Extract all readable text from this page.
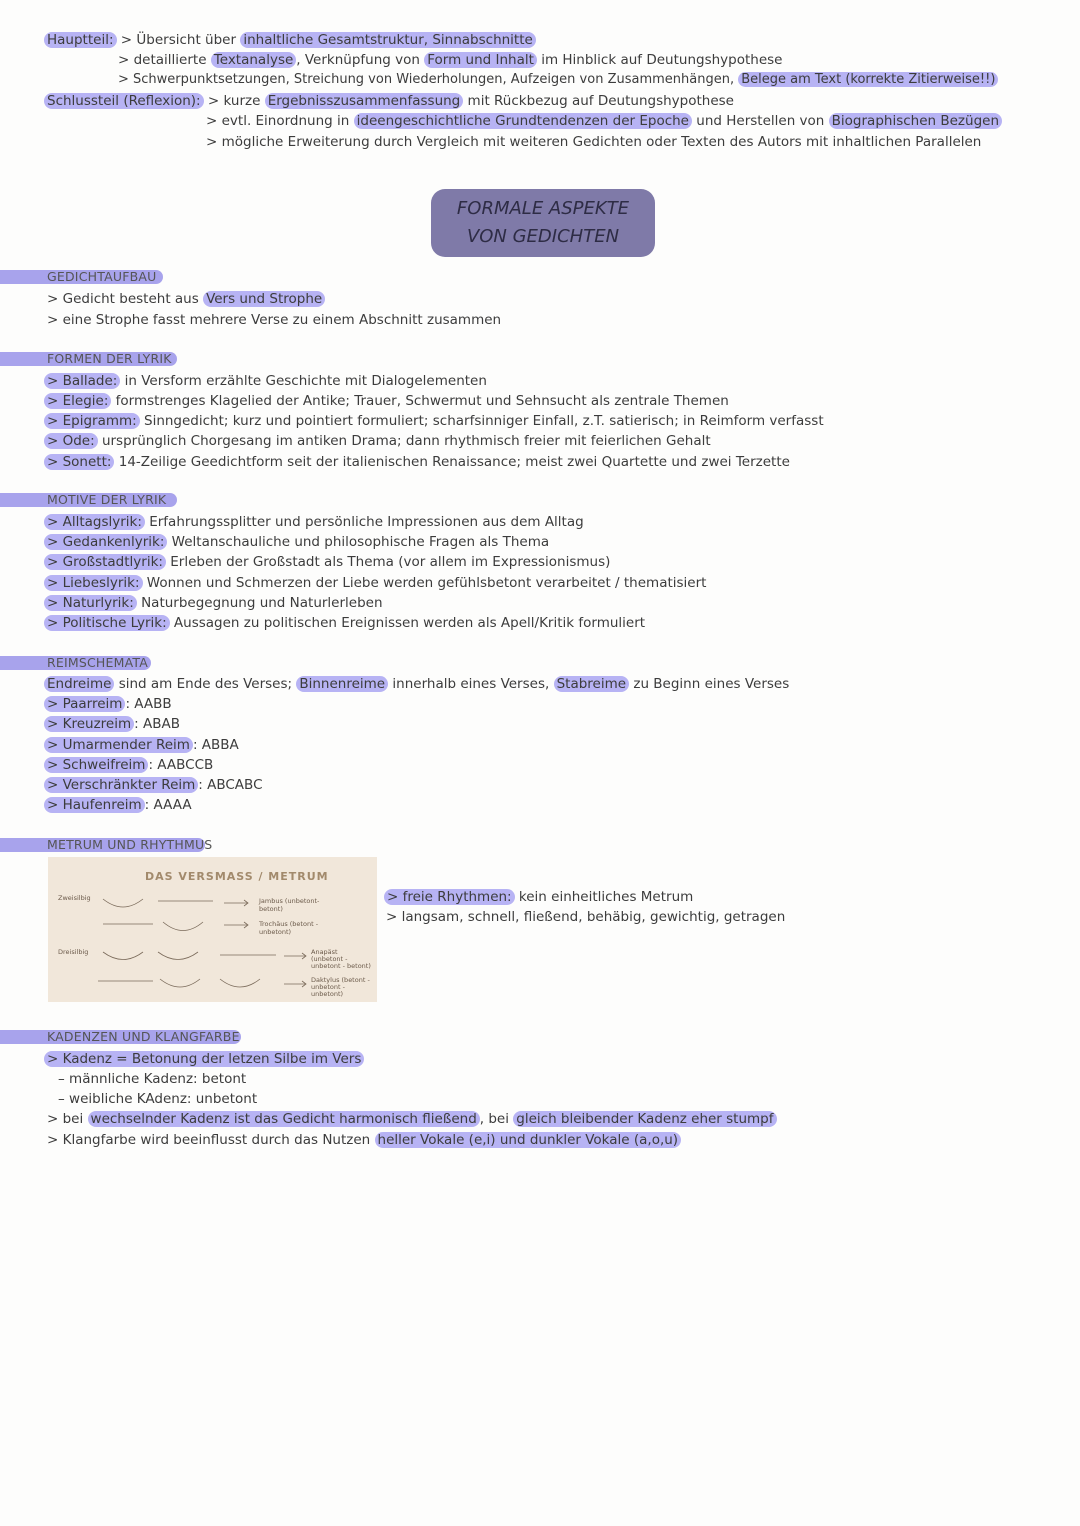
Hauptteil: > Übersicht über inhaltliche Gesamtstruktur, Sinnabschnitte
> detaillierte Textanalyse , Verknüpfung von Form und Inhalt im Hinblick auf Deutungshypothese
> Schwerpunktsetzungen, Streichung von Wiederholungen, Aufzeigen von Zusammenhängen, Belege am Text (korrekte Zitierweise!!)
Schlussteil (Reflexion): > kurze Ergebnisszusammenfassung mit Rückbezug auf Deutungshypothese
> evtl. Einordnung in ideengeschichtliche Grundtendenzen der Epoche und Herstellen von Biographischen Bezügen
> mögliche Erweiterung durch Vergleich mit weiteren Gedichten oder Texten des Autors mit inhaltlichen Parallelen
FORMALE ASPEKTE
VON GEDICHTEN
GEDICHTAUFBAU
> Gedicht besteht aus Vers und Strophe
> eine Strophe fasst mehrere Verse zu einem Abschnitt zusammen
FORMEN DER LYRIK
> Ballade: in Versform erzählte Geschichte mit Dialogelementen
> Elegie: formstrenges Klagelied der Antike; Trauer, Schwermut und Sehnsucht als zentrale Themen
> Epigramm: Sinngedicht; kurz und pointiert formuliert; scharfsinniger Einfall, z.T. satierisch; in Reimform verfasst
> Ode: ursprünglich Chorgesang im antiken Drama; dann rhythmisch freier mit feierlichen Gehalt
> Sonett: 14-Zeilige Geedichtform seit der italienischen Renaissance; meist zwei Quartette und zwei Terzette
MOTIVE DER LYRIK
> Alltagslyrik: Erfahrungssplitter und persönliche Impressionen aus dem Alltag
> Gedankenlyrik: Weltanschauliche und philosophische Fragen als Thema
> Großstadtlyrik: Erleben der Großstadt als Thema (vor allem im Expressionismus)
> Liebeslyrik: Wonnen und Schmerzen der Liebe werden gefühlsbetont verarbeitet / thematisiert
> Naturlyrik: Naturbegegnung und Naturlerleben
> Politische Lyrik: Aussagen zu politischen Ereignissen werden als Apell/Kritik formuliert
REIMSCHEMATA
Endreime sind am Ende des Verses; Binnenreime innerhalb eines Verses, Stabreime zu Beginn eines Verses
> Paarreim : AABB
> Kreuzreim : ABAB
> Umarmender Reim : ABBA
> Schweifreim : AABCCB
> Verschränkter Reim : ABCABC
> Haufenreim : AAAA
METRUM UND RHYTHMUS
DAS VERSMASS / METRUM
Zweisilbig
Dreisilbig
Jambus (unbetont-betont)
Trochäus (betont - unbetont)
Anapäst (unbetont - unbetont - betont)
Daktylus (betont - unbetont - unbetont)
> freie Rhythmen: kein einheitliches Metrum
> langsam, schnell, fließend, behäbig, gewichtig, getragen
KADENZEN UND KLANGFARBE
> Kadenz = Betonung der letzen Silbe im Vers
– männliche Kadenz: betont
– weibliche KAdenz: unbetont
> bei wechselnder Kadenz ist das Gedicht harmonisch fließend , bei gleich bleibender Kadenz eher stumpf
> Klangfarbe wird beeinflusst durch das Nutzen heller Vokale (e,i) und dunkler Vokale (a,o,u)
